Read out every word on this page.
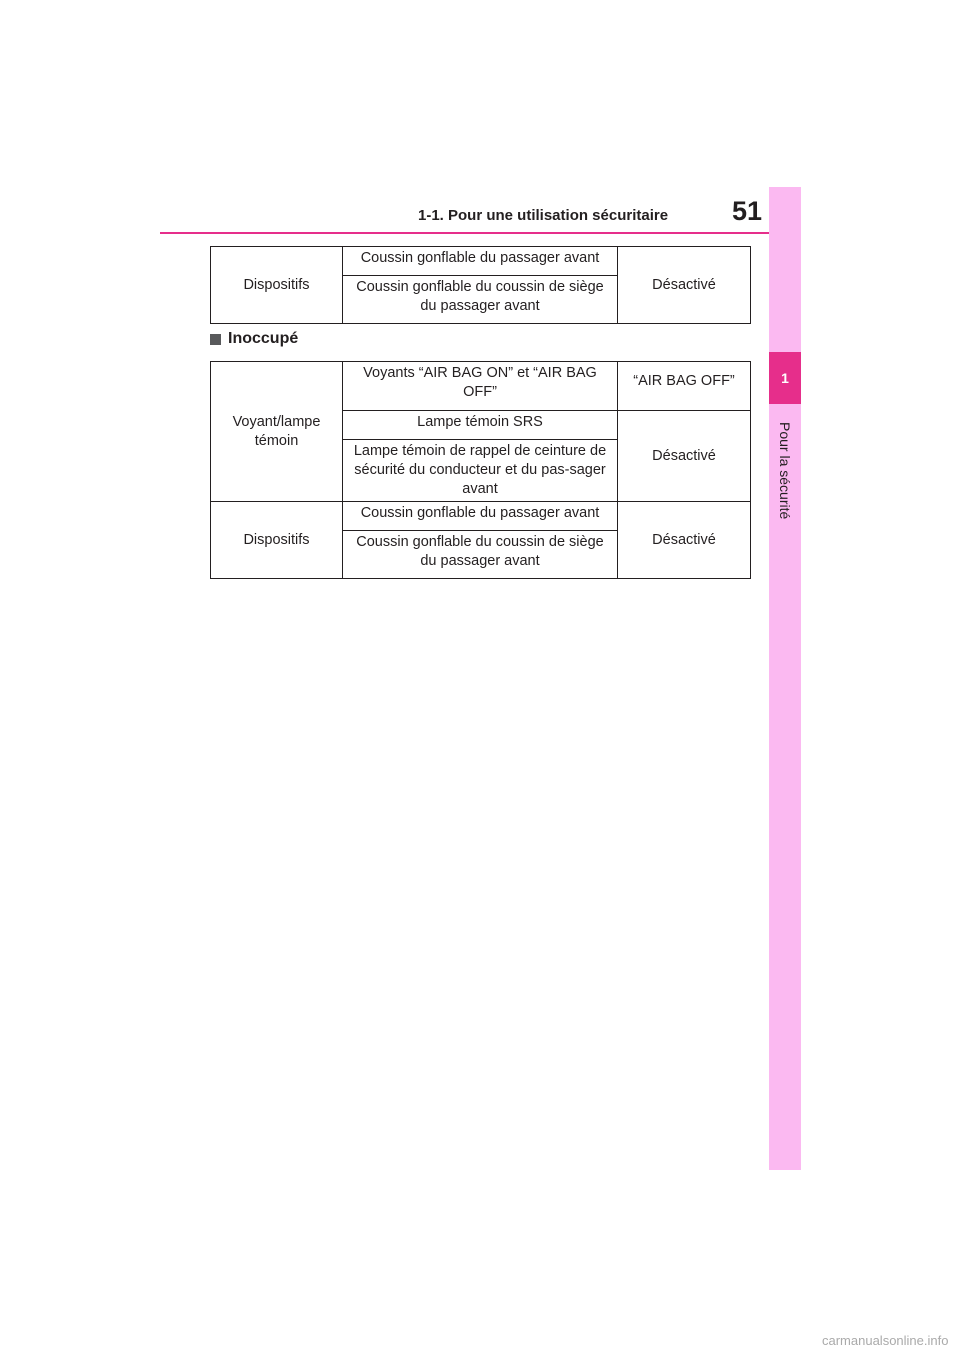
1-1. Pour une utilisation sécuritaire 51
1
Pour la sécurité
Dispositifs	Coussin gonflable du passager avant	Désactivé
Coussin gonflable du coussin de siège du passager avant
Inoccupé
Voyant/lampe témoin	Voyants “AIR BAG ON” et “AIR BAG OFF”	“AIR BAG OFF”
	Lampe témoin SRS	Désactivé
	Lampe témoin de rappel de ceinture de sécurité du conducteur et du pas-sager avant	
Dispositifs	Coussin gonflable du passager avant	Désactivé
	Coussin gonflable du coussin de siège du passager avant	
carmanualsonline.info
